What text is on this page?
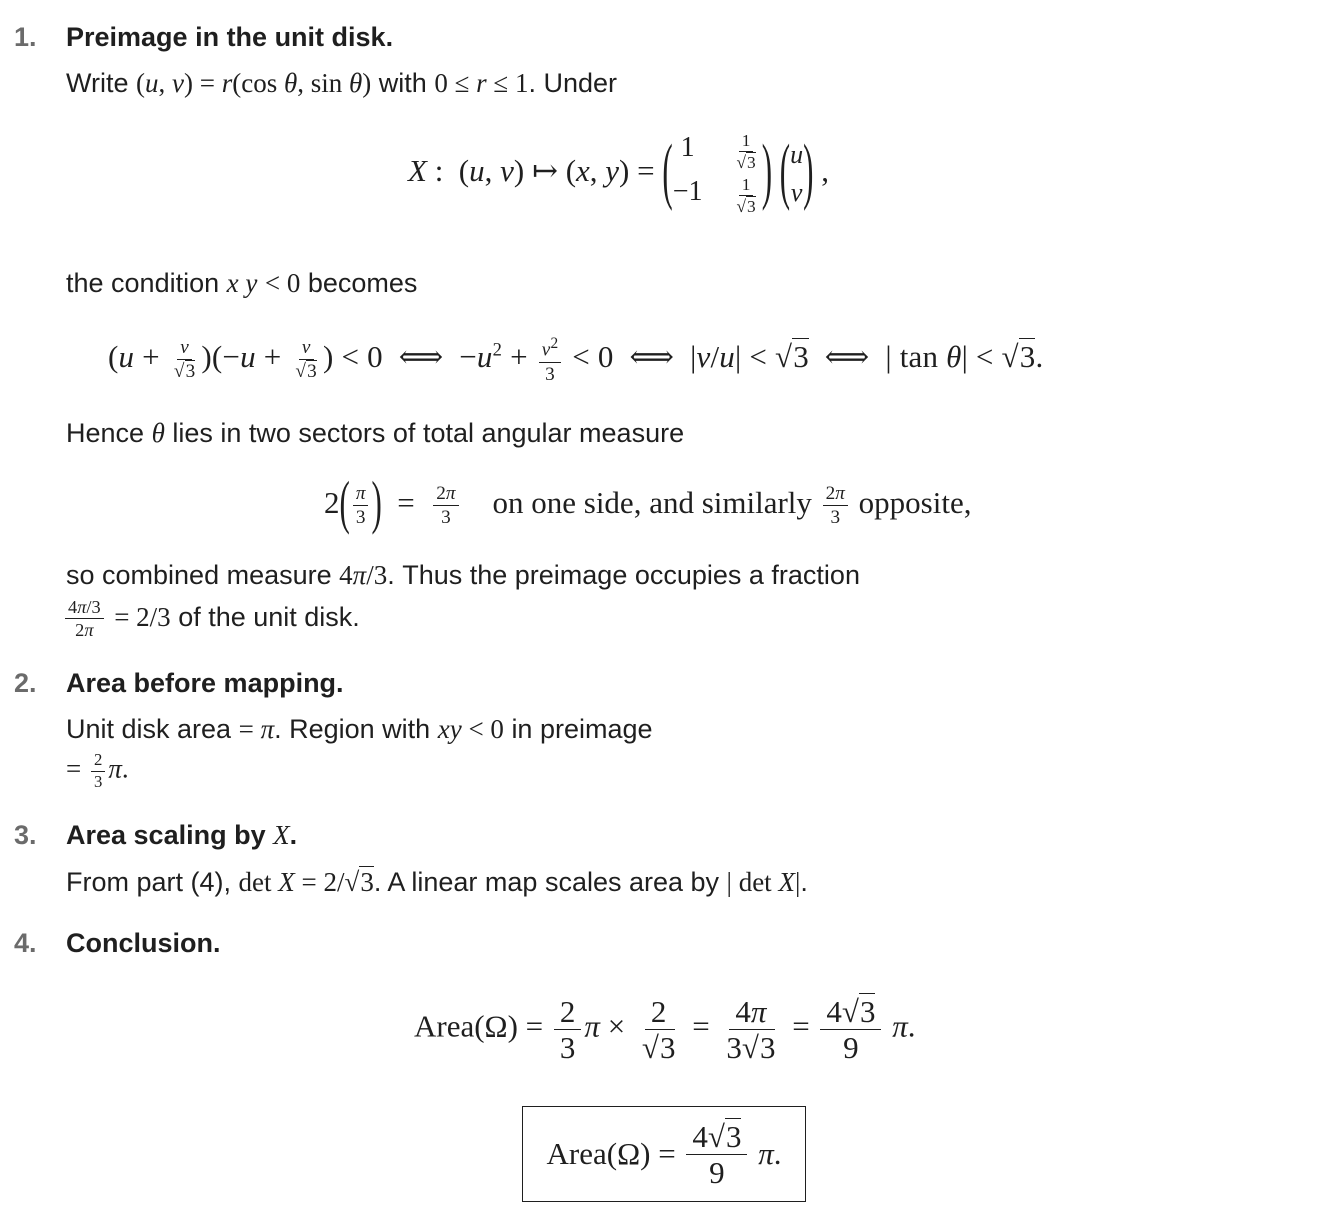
1. Preimage in the unit disk.
Write (u, v) = r(cos θ, sin θ) with 0 ≤ r ≤ 1. Under
X :  (u, v) ↦ (x, y) = ( 1	$\frac{1}{√3}$
$-1 \frac{1}{√3}$ ) ( u
v ) ,
the condition x y < 0 becomes
$(u + \frac{v}{√3} )(-u + \frac{v}{√3}$ ) < 0  ⟺  $-u^2 + \frac{v^2}{3} < 0$  ⟺  |v/u| < √3  ⟺  | tan θ| < √3.
Hence θ lies in two sectors of total angular measure
$2( \frac{\pi}{3}$ )  = $\frac{2\pi}{3}$ on one side, and similarly $\frac{2\pi}{3}$ opposite,
so combined measure 4π/3. Thus the preimage occupies a fraction
$\frac{4\pi/3}{2\pi} = 2/3$ of the unit disk.
2. Area before mapping.
Unit disk area = π. Region with xy < 0 in preimage
= $\frac{2}{3} \pi$.
3. Area scaling by X.
From part (4), det X = 2/√3. A linear map scales area by | det X|.
4. Conclusion.
Area(Ω) = $\frac{2}{3}$ $\pi \times \frac{2}{√3} = \frac{4\pi}{3√3} = \frac{4√3}{9} \pi$.
Area(Ω) = $\frac{4√3}{9}$
π .
